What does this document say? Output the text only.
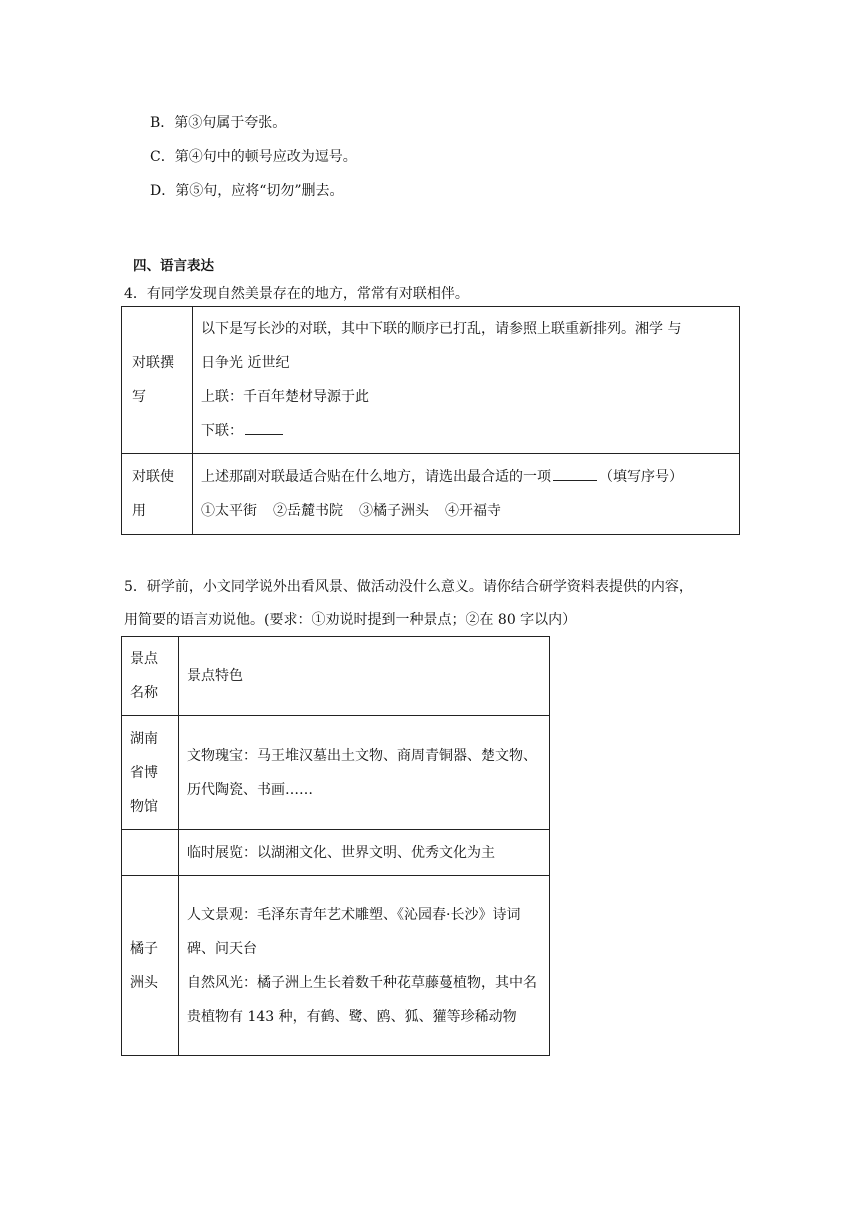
B．第③句属于夸张。
C．第④句中的顿号应改为逗号。
D．第⑤句，应将“切勿”删去。
四、语言表达
4．有同学发现自然美景存在的地方，常常有对联相伴。
对联撰写	以下是写长沙的对联，其中下联的顺序已打乱，请参照上联重新排列。湘学 与
日争光 近世纪
上联：千百年楚材导源于此
下联：

对联使用	上述那副对联最适合贴在什么地方，请选出最合适的一项 （填写序号）
①太平街 ②岳麓书院 ③橘子洲头 ④开福寺
5．研学前，小文同学说外出看风景、做活动没什么意义。请你结合研学资料表提供的内容，
用简要的语言劝说他。(要求：①劝说时提到一种景点；②在 80 字以内）
景点名称	景点特色

湖南省博物馆	文物瑰宝：马王堆汉墓出土文物、商周青铜器、楚文物、历代陶瓷、书画……

	临时展览：以湖湘文化、世界文明、优秀文化为主

橘子洲头	人文景观：毛泽东青年艺术雕塑、《沁园春·长沙》诗词碑、问天台
自然风光：橘子洲上生长着数千种花草藤蔓植物，其中名贵植物有 143 种，有鹤、鹭、鸥、狐、獾等珍稀动物
